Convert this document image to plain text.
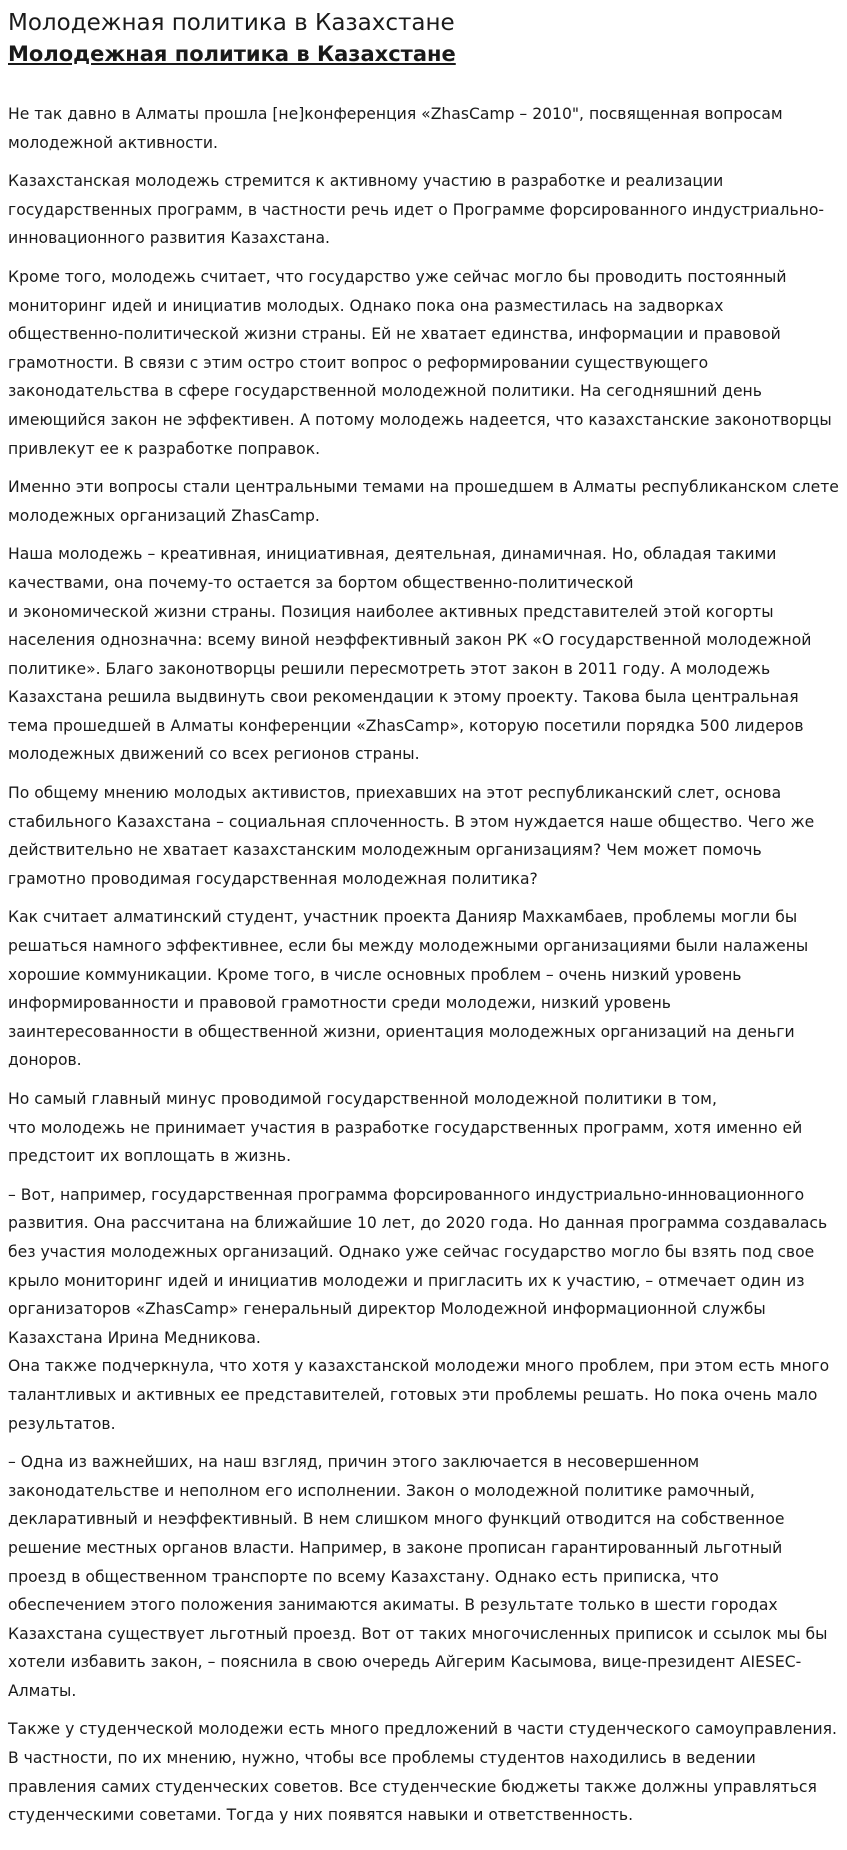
Молодежная политика в Казахстане
Молодежная политика в Казахстане

Не так давно в Алматы прошла [не]конференция «ZhasCamp – 2010", посвященная вопросам молодежной активности.

Казахстанская молодежь стремится к активному участию в разработке и реализации государственных программ, в частности речь идет о Программе форсированного индустриально-инновационного развития Казахстана.

Кроме того, молодежь считает, что государство уже сейчас могло бы проводить постоянный мониторинг идей и инициатив молодых. Однако пока она разместилась на задворках общественно-политической жизни страны. Ей не хватает единства, информации и правовой грамотности. В связи с этим остро стоит вопрос о реформировании существующего законодательства в сфере государственной молодежной политики. На сегодняшний день имеющийся закон не эффективен. А потому молодежь надеется, что казахстанские законотворцы привлекут ее к разработке поправок.

Именно эти вопросы стали центральными темами на прошедшем в Алматы республиканском слете молодежных организаций ZhasCamp.

Наша молодежь – креативная, инициативная, деятельная, динамичная. Но, обладая такими качествами, она почему-то остается за бортом общественно-политической
и экономической жизни страны. Позиция наиболее активных представителей этой когорты населения однозначна: всему виной неэффективный закон РК «О государственной молодежной политике». Благо законотворцы решили пересмотреть этот закон в 2011 году. А молодежь Казахстана решила выдвинуть свои рекомендации к этому проекту. Такова была центральная тема прошедшей в Алматы конференции «ZhasCamp», которую посетили порядка 500 лидеров молодежных движений со всех регионов страны.

По общему мнению молодых активистов, приехавших на этот республиканский слет, основа стабильного Казахстана – социальная сплоченность. В этом нуждается наше общество. Чего же действительно не хватает казахстанским молодежным организациям? Чем может помочь грамотно проводимая государственная молодежная политика?

Как считает алматинский студент, участник проекта Данияр Махкамбаев, проблемы могли бы решаться намного эффективнее, если бы между молодежными организациями были налажены хорошие коммуникации. Кроме того, в числе основных проблем – очень низкий уровень информированности и правовой грамотности среди молодежи, низкий уровень заинтересованности в общественной жизни, ориентация молодежных организаций на деньги доноров.

Но самый главный минус проводимой государственной молодежной политики в том,
что молодежь не принимает участия в разработке государственных программ, хотя именно ей предстоит их воплощать в жизнь.

– Вот, например, государственная программа форсированного индустриально-инновационного развития. Она рассчитана на ближайшие 10 лет, до 2020 года. Но данная программа создавалась без участия молодежных организаций. Однако уже сейчас государство могло бы взять под свое крыло мониторинг идей и инициатив молодежи и пригласить их к участию, – отмечает один из организаторов «ZhasCamp» генеральный директор Молодежной информационной службы Казахстана Ирина Медникова.
Она также подчеркнула, что хотя у казахстанской молодежи много проблем, при этом есть много талантливых и активных ее представителей, готовых эти проблемы решать. Но пока очень мало результатов.

– Одна из важнейших, на наш взгляд, причин этого заключается в несовершенном законодательстве и неполном его исполнении. Закон о молодежной политике рамочный, декларативный и неэффективный. В нем слишком много функций отводится на собственное решение местных органов власти. Например, в законе прописан гарантированный льготный проезд в общественном транспорте по всему Казахстану. Однако есть приписка, что обеспечением этого положения занимаются акиматы. В результате только в шести городах Казахстана существует льготный проезд. Вот от таких многочисленных приписок и ссылок мы бы хотели избавить закон, – пояснила в свою очередь Айгерим Касымова, вице-президент AIESEC-Алматы.

Также у студенческой молодежи есть много предложений в части студенческого самоуправления. В частности, по их мнению, нужно, чтобы все проблемы студентов находились в ведении правления самих студенческих советов. Все студенческие бюджеты также должны управляться студенческими советами. Тогда у них появятся навыки и ответственность.
